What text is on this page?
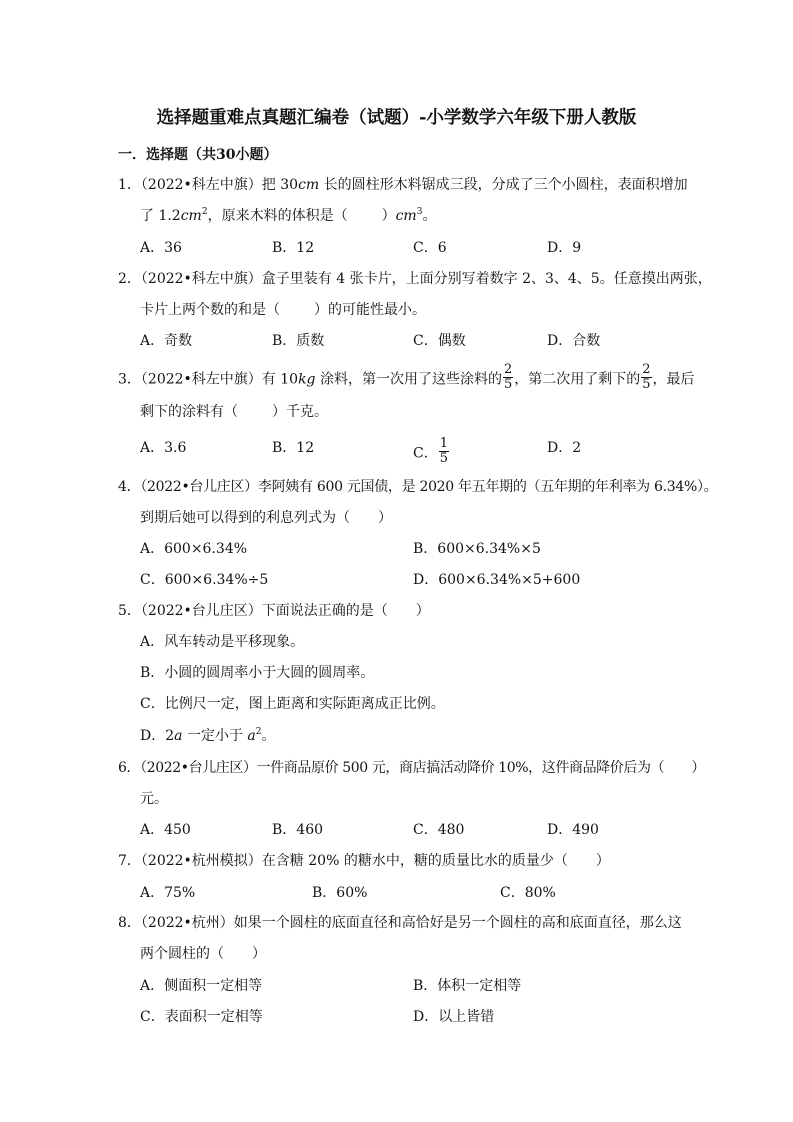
选择题重难点真题汇编卷（试题）-小学数学六年级下册人教版
一．选择题（共30小题）
1．（2022•科左中旗）把 30cm 长的圆柱形木料锯成三段，分成了三个小圆柱，表面积增加
了 $1.2cm^2$，原来木料的体积是（ ）$cm^3$。
A．36	B．12	C．6	D．9
2．（2022•科左中旗）盒子里装有 4 张卡片，上面分别写着数字 2、3、4、5。任意摸出两张，
卡片上两个数的和是（ ）的可能性最小。
A．奇数	B．质数	C．偶数	D．合数
3．（2022•科左中旗）有 10kg 涂料，第一次用了这些涂料的 $\frac{2}{5}$ ，第二次用了剩下的 $\frac{2}{5}$ ，最后
剩下的涂料有（ ）千克。
A．3.6	B．12	C． $\frac{1}{5}$	D．2
4．（2022•台儿庄区）李阿姨有 600 元国债，是 2020 年五年期的（五年期的年利率为 6.34%）。
到期后她可以得到的利息列式为（　　）
A．600×6.34%	B．600×6.34%×5
C．600×6.34%÷5	D．600×6.34%×5+600
5．（2022•台儿庄区）下面说法正确的是（　　）
A．风车转动是平移现象。
B．小圆的圆周率小于大圆的圆周率。
C．比例尺一定，图上距离和实际距离成正比例。
D．2a 一定小于 $a^2$。
6．（2022•台儿庄区）一件商品原价 500 元，商店搞活动降价 10%，这件商品降价后为（　　）
元。
A．450	B．460	C．480	D．490
7．（2022•杭州模拟）在含糖 20% 的糖水中，糖的质量比水的质量少（　　）
A．75%	B．60%	C．80%
8．（2022•杭州）如果一个圆柱的底面直径和高恰好是另一个圆柱的高和底面直径，那么这
两个圆柱的（　　）
A．侧面积一定相等	B．体积一定相等
C．表面积一定相等	D．以上皆错
